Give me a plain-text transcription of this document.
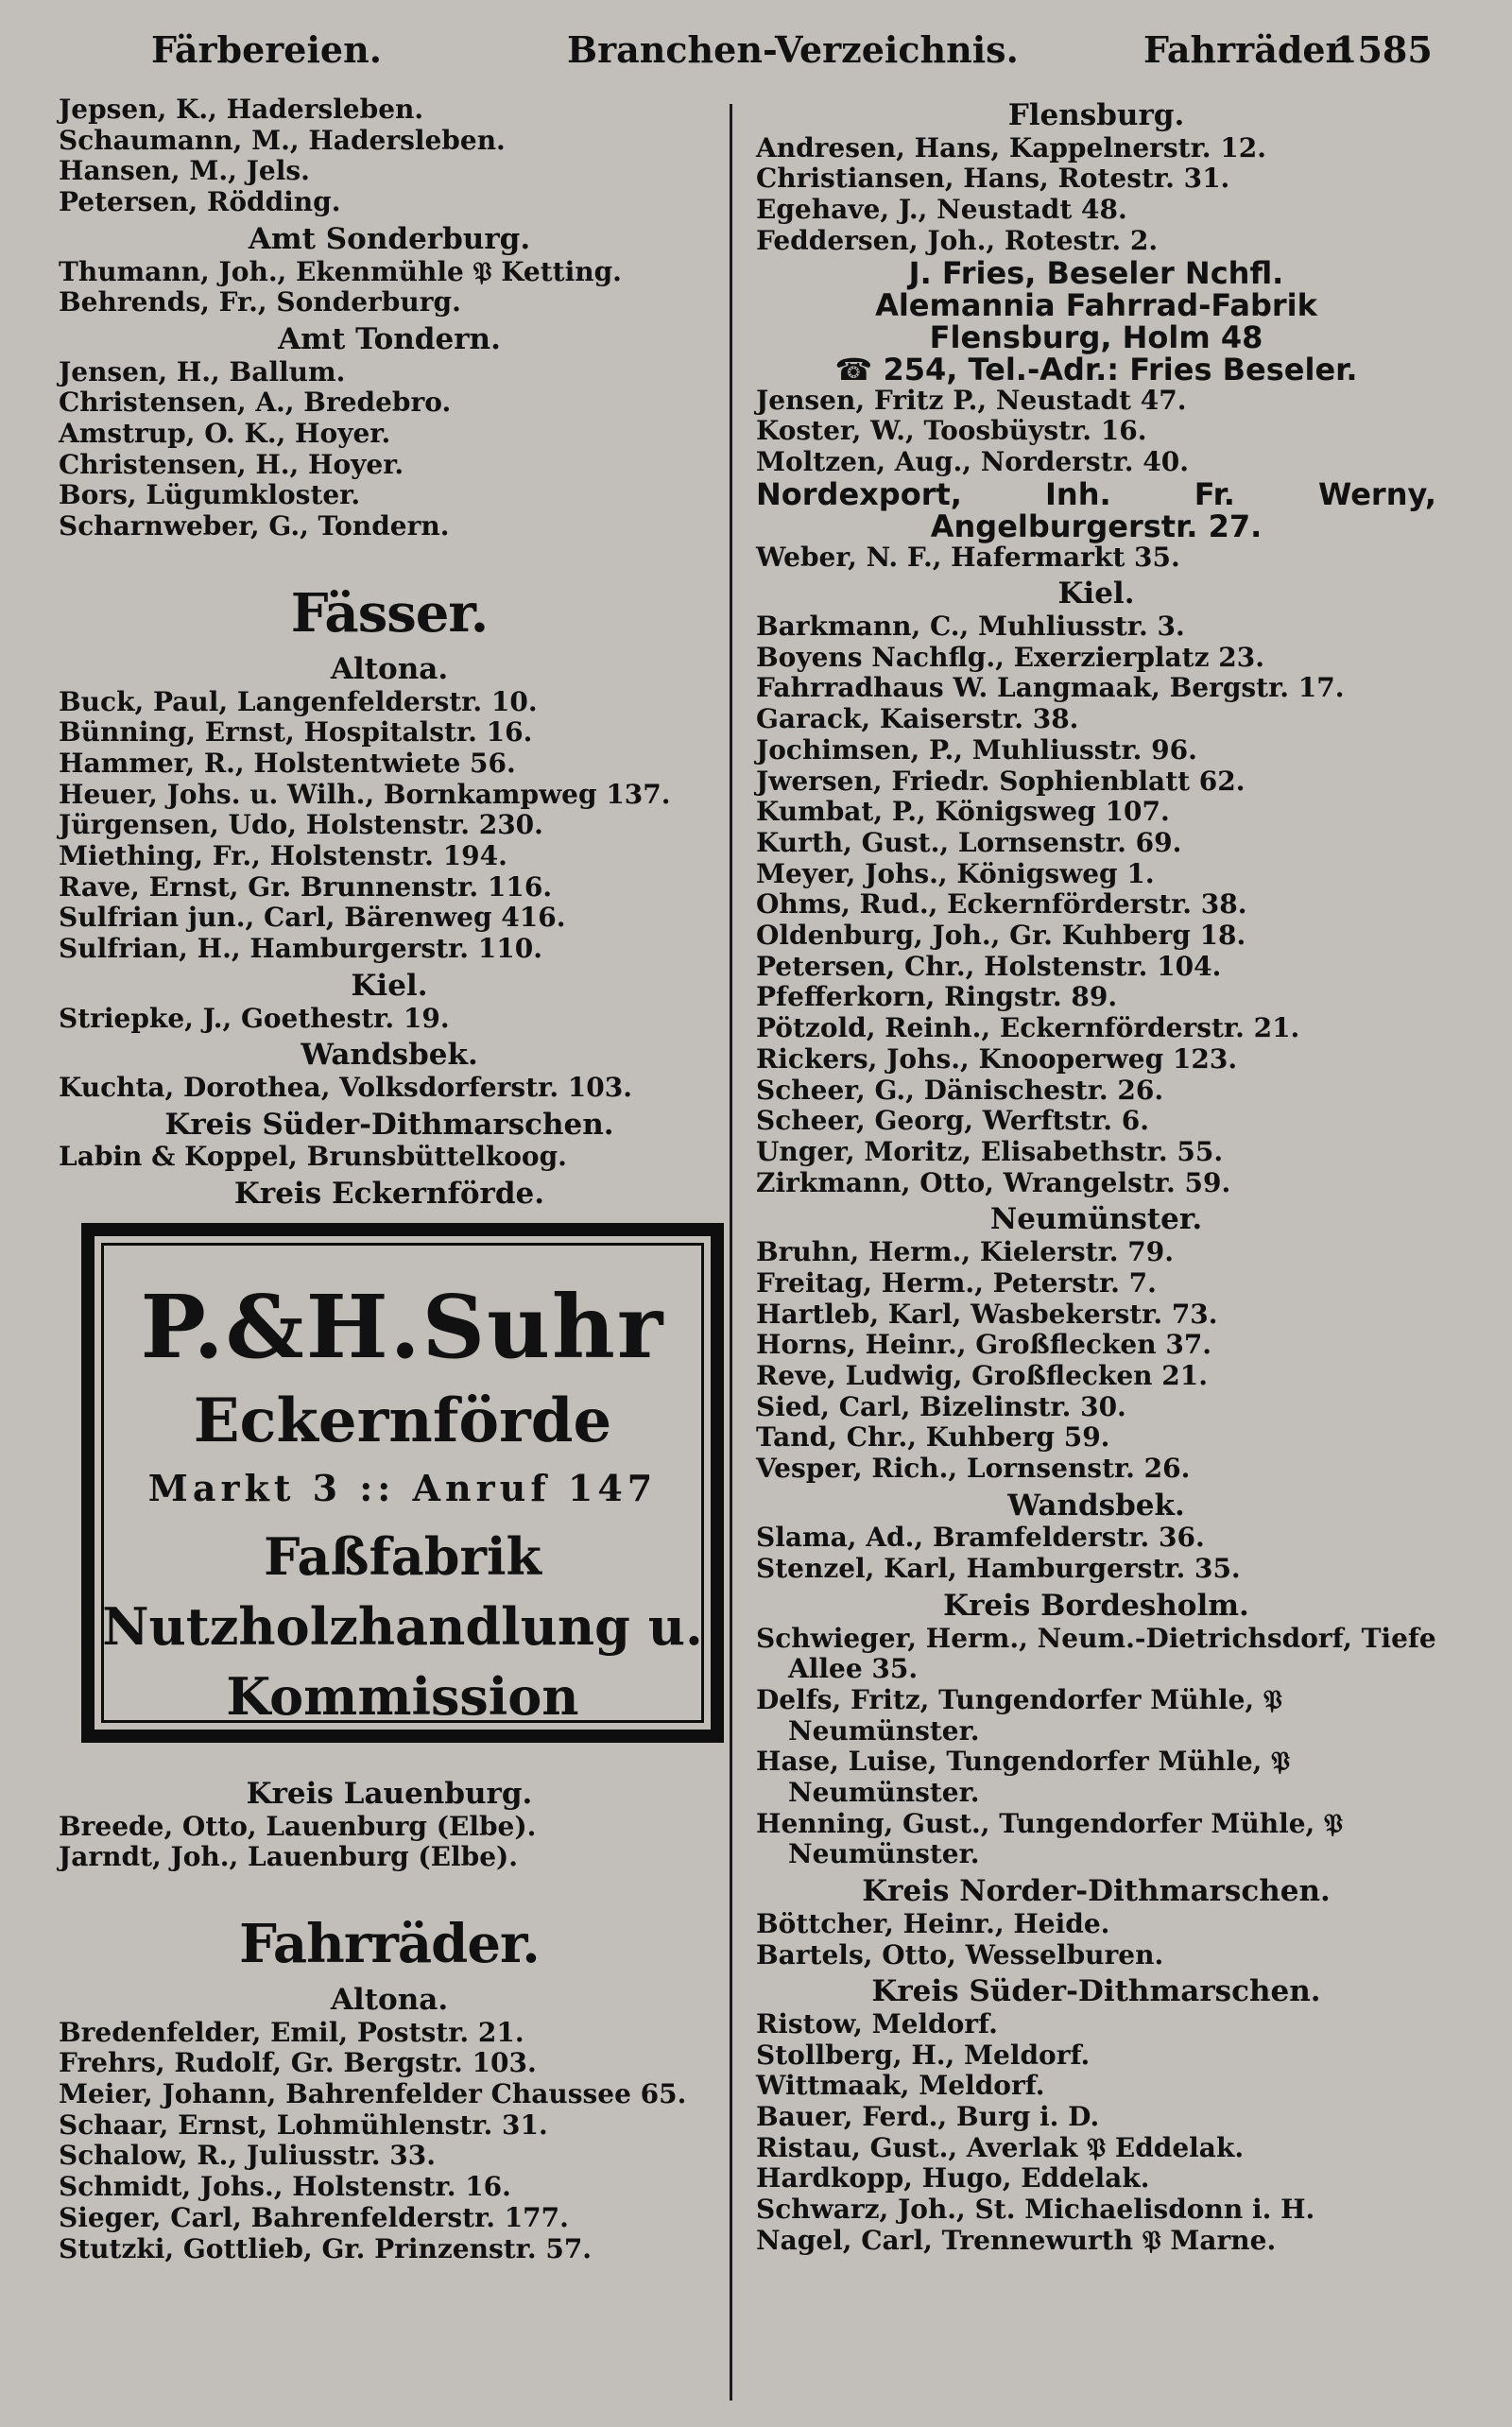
Färbereien.	Branchen-Verzeichnis.	Fahrräder.
1585
Jepsen, K., Hadersleben.
Schaumann, M., Hadersleben.
Hansen, M., Jels.
Petersen, Rödding.
Amt Sonderburg.
Thumann, Joh., Ekenmühle 𝔓 Ketting.
Behrends, Fr., Sonderburg.
Amt Tondern.
Jensen, H., Ballum.
Christensen, A., Bredebro.
Amstrup, O. K., Hoyer.
Christensen, H., Hoyer.
Bors, Lügumkloster.
Scharnweber, G., Tondern.
Fässer.
Altona.
Buck, Paul, Langenfelderstr. 10.
Bünning, Ernst, Hospitalstr. 16.
Hammer, R., Holstentwiete 56.
Heuer, Johs. u. Wilh., Bornkampweg 137.
Jürgensen, Udo, Holstenstr. 230.
Miething, Fr., Holstenstr. 194.
Rave, Ernst, Gr. Brunnenstr. 116.
Sulfrian jun., Carl, Bärenweg 416.
Sulfrian, H., Hamburgerstr. 110.
Kiel.
Striepke, J., Goethestr. 19.
Wandsbek.
Kuchta, Dorothea, Volksdorferstr. 103.
Kreis Süder-Dithmarschen.
Labin & Koppel, Brunsbüttelkoog.
Kreis Eckernförde.
P.&H.Suhr
Eckernförde
Markt 3 :: Anruf 147
Faßfabrik
Nutzholzhandlung u.
Kommission
Kreis Lauenburg.
Breede, Otto, Lauenburg (Elbe).
Jarndt, Joh., Lauenburg (Elbe).
Fahrräder.
Altona.
Bredenfelder, Emil, Poststr. 21.
Frehrs, Rudolf, Gr. Bergstr. 103.
Meier, Johann, Bahrenfelder Chaussee 65.
Schaar, Ernst, Lohmühlenstr. 31.
Schalow, R., Juliusstr. 33.
Schmidt, Johs., Holstenstr. 16.
Sieger, Carl, Bahrenfelderstr. 177.
Stutzki, Gottlieb, Gr. Prinzenstr. 57.
Flensburg.
Andresen, Hans, Kappelnerstr. 12.
Christiansen, Hans, Rotestr. 31.
Egehave, J., Neustadt 48.
Feddersen, Joh., Rotestr. 2.
J. Fries, Beseler Nchfl.
Alemannia Fahrrad-Fabrik
Flensburg, Holm 48
☎ 254, Tel.-Adr.: Fries Beseler.
Jensen, Fritz P., Neustadt 47.
Koster, W., Toosbüystr. 16.
Moltzen, Aug., Norderstr. 40.
Nordexport, Inh. Fr. Werny,
Angelburgerstr. 27.
Weber, N. F., Hafermarkt 35.
Kiel.
Barkmann, C., Muhliusstr. 3.
Boyens Nachflg., Exerzierplatz 23.
Fahrradhaus W. Langmaak, Bergstr. 17.
Garack, Kaiserstr. 38.
Jochimsen, P., Muhliusstr. 96.
Jwersen, Friedr. Sophienblatt 62.
Kumbat, P., Königsweg 107.
Kurth, Gust., Lornsenstr. 69.
Meyer, Johs., Königsweg 1.
Ohms, Rud., Eckernförderstr. 38.
Oldenburg, Joh., Gr. Kuhberg 18.
Petersen, Chr., Holstenstr. 104.
Pfefferkorn, Ringstr. 89.
Pötzold, Reinh., Eckernförderstr. 21.
Rickers, Johs., Knooperweg 123.
Scheer, G., Dänischestr. 26.
Scheer, Georg, Werftstr. 6.
Unger, Moritz, Elisabethstr. 55.
Zirkmann, Otto, Wrangelstr. 59.
Neumünster.
Bruhn, Herm., Kielerstr. 79.
Freitag, Herm., Peterstr. 7.
Hartleb, Karl, Wasbekerstr. 73.
Horns, Heinr., Großflecken 37.
Reve, Ludwig, Großflecken 21.
Sied, Carl, Bizelinstr. 30.
Tand, Chr., Kuhberg 59.
Vesper, Rich., Lornsenstr. 26.
Wandsbek.
Slama, Ad., Bramfelderstr. 36.
Stenzel, Karl, Hamburgerstr. 35.
Kreis Bordesholm.
Schwieger, Herm., Neum.-Dietrichsdorf, Tiefe Allee 35.
Delfs, Fritz, Tungendorfer Mühle, 𝔓 Neumünster.
Hase, Luise, Tungendorfer Mühle, 𝔓 Neumünster.
Henning, Gust., Tungendorfer Mühle, 𝔓 Neumünster.
Kreis Norder-Dithmarschen.
Böttcher, Heinr., Heide.
Bartels, Otto, Wesselburen.
Kreis Süder-Dithmarschen.
Ristow, Meldorf.
Stollberg, H., Meldorf.
Wittmaak, Meldorf.
Bauer, Ferd., Burg i. D.
Ristau, Gust., Averlak 𝔓 Eddelak.
Hardkopp, Hugo, Eddelak.
Schwarz, Joh., St. Michaelisdonn i. H.
Nagel, Carl, Trennewurth 𝔓 Marne.
